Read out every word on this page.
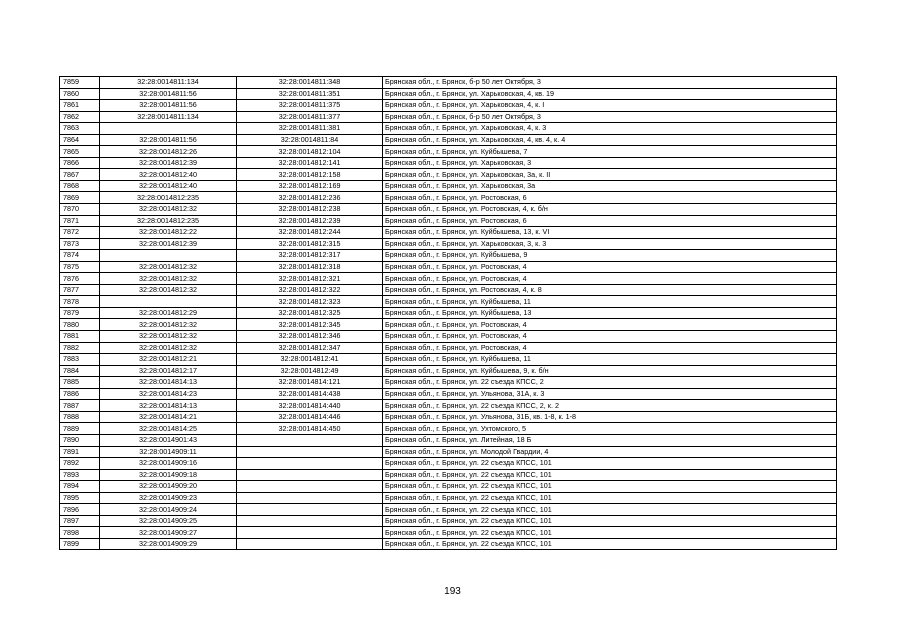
7859	32:28:0014811:134	32:28:0014811:348	Брянская обл., г. Брянск, б-р 50 лет Октября, 3
7860	32:28:0014811:56	32:28:0014811:351	Брянская обл., г. Брянск, ул. Харьковская, 4, кв. 19
7861	32:28:0014811:56	32:28:0014811:375	Брянская обл., г. Брянск, ул. Харьковская, 4, к. I
7862	32:28:0014811:134	32:28:0014811:377	Брянская обл., г. Брянск, б-р 50 лет Октября, 3
7863		32:28:0014811:381	Брянская обл., г. Брянск, ул. Харьковская, 4, к. 3
7864	32:28:0014811:56	32:28:0014811:84	Брянская обл., г. Брянск, ул. Харьковская, 4, кв. 4, к. 4
7865	32:28:0014812:26	32:28:0014812:104	Брянская обл., г. Брянск, ул. Куйбышева, 7
7866	32:28:0014812:39	32:28:0014812:141	Брянская обл., г. Брянск, ул. Харьковская, 3
7867	32:28:0014812:40	32:28:0014812:158	Брянская обл., г. Брянск, ул. Харьковская, 3а, к. II
7868	32:28:0014812:40	32:28:0014812:169	Брянская обл., г. Брянск, ул. Харьковская, 3а
7869	32:28:0014812:235	32:28:0014812:236	Брянская обл., г. Брянск, ул. Ростовская, 6
7870	32:28:0014812:32	32:28:0014812:238	Брянская обл., г. Брянск, ул. Ростовская, 4, к. б/н
7871	32:28:0014812:235	32:28:0014812:239	Брянская обл., г. Брянск, ул. Ростовская, 6
7872	32:28:0014812:22	32:28:0014812:244	Брянская обл., г. Брянск, ул. Куйбышева, 13, к. VI
7873	32:28:0014812:39	32:28:0014812:315	Брянская обл., г. Брянск, ул. Харьковская, 3, к. 3
7874		32:28:0014812:317	Брянская обл., г. Брянск, ул. Куйбышева, 9
7875	32:28:0014812:32	32:28:0014812:318	Брянская обл., г. Брянск, ул. Ростовская, 4
7876	32:28:0014812:32	32:28:0014812:321	Брянская обл., г. Брянск, ул. Ростовская, 4
7877	32:28:0014812:32	32:28:0014812:322	Брянская обл., г. Брянск, ул. Ростовская, 4, к. 8
7878		32:28:0014812:323	Брянская обл., г. Брянск, ул. Куйбышева, 11
7879	32:28:0014812:29	32:28:0014812:325	Брянская обл., г. Брянск, ул. Куйбышева, 13
7880	32:28:0014812:32	32:28:0014812:345	Брянская обл., г. Брянск, ул. Ростовская, 4
7881	32:28:0014812:32	32:28:0014812:346	Брянская обл., г. Брянск, ул. Ростовская, 4
7882	32:28:0014812:32	32:28:0014812:347	Брянская обл., г. Брянск, ул. Ростовская, 4
7883	32:28:0014812:21	32:28:0014812:41	Брянская обл., г. Брянск, ул. Куйбышева, 11
7884	32:28:0014812:17	32:28:0014812:49	Брянская обл., г. Брянск, ул. Куйбышева, 9, к. б/н
7885	32:28:0014814:13	32:28:0014814:121	Брянская обл., г. Брянск, ул. 22 съезда КПСС, 2
7886	32:28:0014814:23	32:28:0014814:438	Брянская обл., г. Брянск, ул. Ульянова, 31А, к. 3
7887	32:28:0014814:13	32:28:0014814:440	Брянская обл., г. Брянск, ул. 22 съезда КПСС, 2, к. 2
7888	32:28:0014814:21	32:28:0014814:446	Брянская обл., г. Брянск, ул. Ульянова, 31Б, кв. 1-8, к. 1-8
7889	32:28:0014814:25	32:28:0014814:450	Брянская обл., г. Брянск, ул. Ухтомского, 5
7890	32:28:0014901:43		Брянская обл., г. Брянск, ул. Литейная, 18 Б
7891	32:28:0014909:11		Брянская обл., г. Брянск, ул. Молодой Гвардии, 4
7892	32:28:0014909:16		Брянская обл., г. Брянск, ул. 22 съезда КПСС, 101
7893	32:28:0014909:18		Брянская обл., г. Брянск, ул. 22 съезда КПСС, 101
7894	32:28:0014909:20		Брянская обл., г. Брянск, ул. 22 съезда КПСС, 101
7895	32:28:0014909:23		Брянская обл., г. Брянск, ул. 22 съезда КПСС, 101
7896	32:28:0014909:24		Брянская обл., г. Брянск, ул. 22 съезда КПСС, 101
7897	32:28:0014909:25		Брянская обл., г. Брянск, ул. 22 съезда КПСС, 101
7898	32:28:0014909:27		Брянская обл., г. Брянск, ул. 22 съезда КПСС, 101
7899	32:28:0014909:29		Брянская обл., г. Брянск, ул. 22 съезда КПСС, 101
193
